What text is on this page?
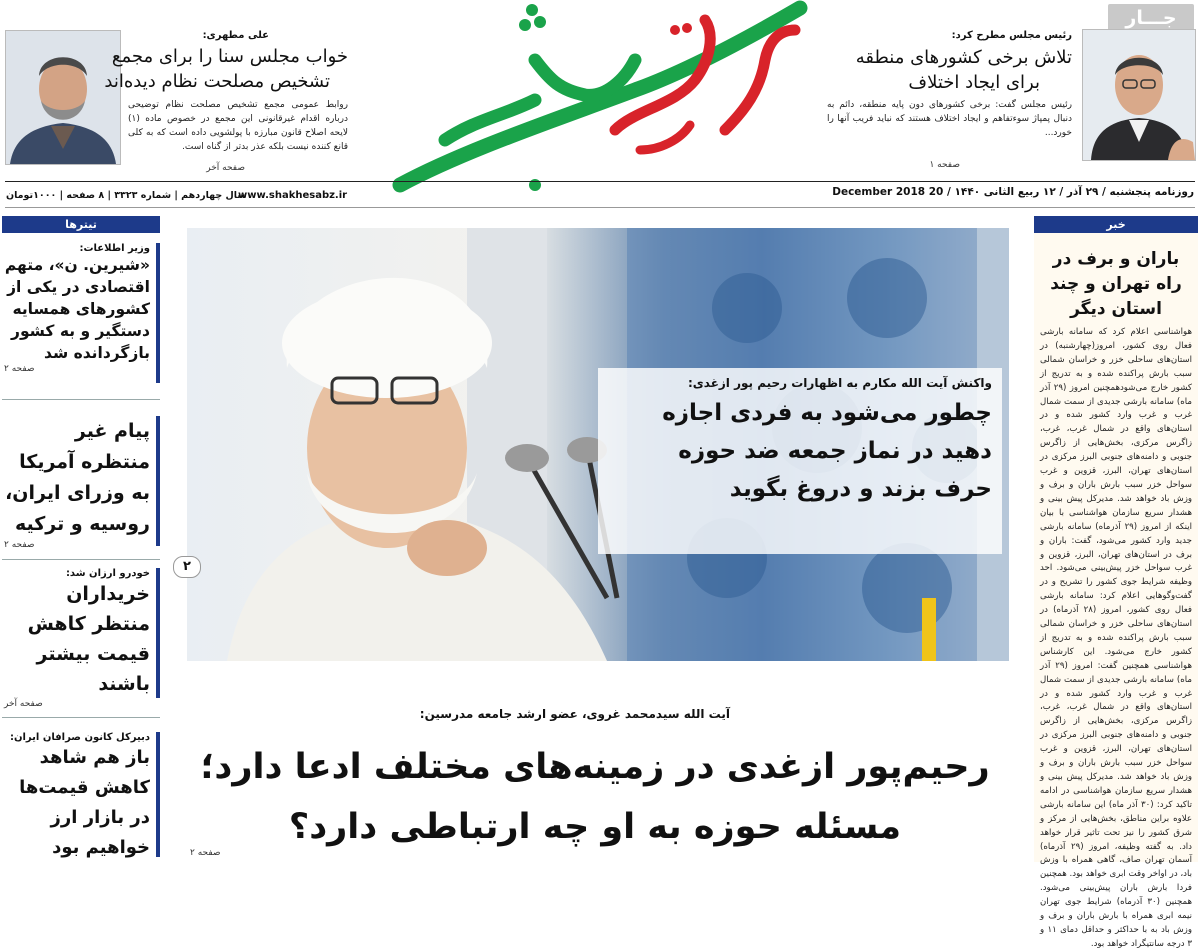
جـــار
رئیس مجلس مطرح کرد:
تلاش برخی کشورهای منطقه
برای ایجاد اختلاف
رئیس مجلس گفت: برخی کشورهای دون پایه منطقه، دائم به دنبال پمپاژ سوءتفاهم و ایجاد اختلاف هستند که نباید فریب آنها را خورد...
صفحه ۱
علی مطهری:
خواب مجلس سنا را برای مجمع
تشخیص مصلحت نظام دیده‌اند
روابط عمومی مجمع تشخیص مصلحت نظام توضیحی درباره اقدام غیرقانونی این مجمع در خصوص ماده (۱) لایحه اصلاح قانون مبارزه با پولشویی داده است که به کلی قانع کننده نیست بلکه عذر بدتر از گناه است.
صفحه آخر
روزنامه پنجشنبه / ۲۹ آذر / ۱۲ ربیع الثانی ۱۴۴۰ / 20 December 2018
www.shakhesabz.ir
سال چهاردهم | شماره ۳۳۲۳ | ۸ صفحه | ۱۰۰۰تومان
تیترها
وزیر اطلاعات:
«شیرین. ن»، متهم اقتصادی در یکی از کشورهای همسایه دستگیر و به کشور بازگردانده شد
صفحه ۲
پیام غیر منتظره آمریکا به وزرای ایران، روسیه و ترکیه
صفحه ۲
خودرو ارزان شد:
خریداران منتظر کاهش قیمت بیشتر باشند
صفحه آخر
دبیرکل کانون صرافان ایران:
باز هم شاهد کاهش قیمت‌ها در بازار ارز خواهیم بود
خبر
باران و برف در راه تهران و چند استان دیگر
هواشناسی اعلام کرد که سامانه بارشی فعال روی کشور، امروز(چهارشنبه) در استان‌های ساحلی خزر و خراسان شمالی سبب بارش پراکنده شده و به تدریج از کشور خارج می‌شودهمچنین امروز (۲۹ آذر ماه) سامانه بارشی جدیدی از سمت شمال غرب و غرب وارد کشور شده و در استان‌های واقع در شمال غرب، غرب، زاگرس مرکزی، بخش‌هایی از زاگرس جنوبی و دامنه‌های جنوبی البرز مرکزی در استان‌های تهران، البرز، قزوین و غرب سواحل خزر سبب بارش باران و برف و وزش باد خواهد شد. مدیرکل پیش بینی و هشدار سریع سازمان هواشناسی با بیان اینکه از امروز (۲۹ آذرماه) سامانه بارشی جدید وارد کشور می‌شود، گفت: باران و برف در استان‌های تهران، البرز، قزوین و غرب سواحل خزر پیش‌بینی می‌شود. احد وظیفه شرایط جوی کشور را تشریح و در گفت‌وگوهایی اعلام کرد: سامانه بارشی فعال روی کشور، امروز (۲۸ آذرماه) در استان‌های ساحلی خزر و خراسان شمالی سبب بارش پراکنده شده و به تدریج از کشور خارج می‌شود. این کارشناس هواشناسی همچنین گفت: امروز (۲۹ آذر ماه) سامانه بارشی جدیدی از سمت شمال غرب و غرب وارد کشور شده و در استان‌های واقع در شمال غرب، غرب، زاگرس مرکزی، بخش‌هایی از زاگرس جنوبی و دامنه‌های جنوبی البرز مرکزی در استان‌های تهران، البرز، قزوین و غرب سواحل خزر سبب بارش باران و برف و وزش باد خواهد شد. مدیرکل پیش بینی و هشدار سریع سازمان هواشناسی در ادامه تاکید کرد: (۳۰ آذر ماه) این سامانه بارشی علاوه براین مناطق، بخش‌هایی از مرکز و شرق کشور را نیز تحت تاثیر قرار خواهد داد. به گفته وظیفه، امروز (۲۹ آذرماه) آسمان تهران صاف، گاهی همراه با وزش باد، در اواخر وقت ابری خواهد بود. همچنین فردا بارش باران پیش‌بینی می‌شود. همچنین (۳۰ آذرماه) شرایط جوی تهران نیمه ابری همراه با بارش باران و برف و وزش باد به با حداکثر و حداقل دمای ۱۱ و ۳ درجه سانتیگراد خواهد بود.
واکنش آیت الله مکارم به اظهارات رحیم پور ازغدی:
چطور می‌شود به فردی اجازه
دهید در نماز جمعه ضد حوزه
حرف بزند و دروغ بگوید
۲
آیت الله سیدمحمد غروی، عضو ارشد جامعه مدرسین:
رحیم‌پور ازغدی در زمینه‌های مختلف ادعا دارد؛
مسئله حوزه به او چه ارتباطی دارد؟
صفحه ۲
